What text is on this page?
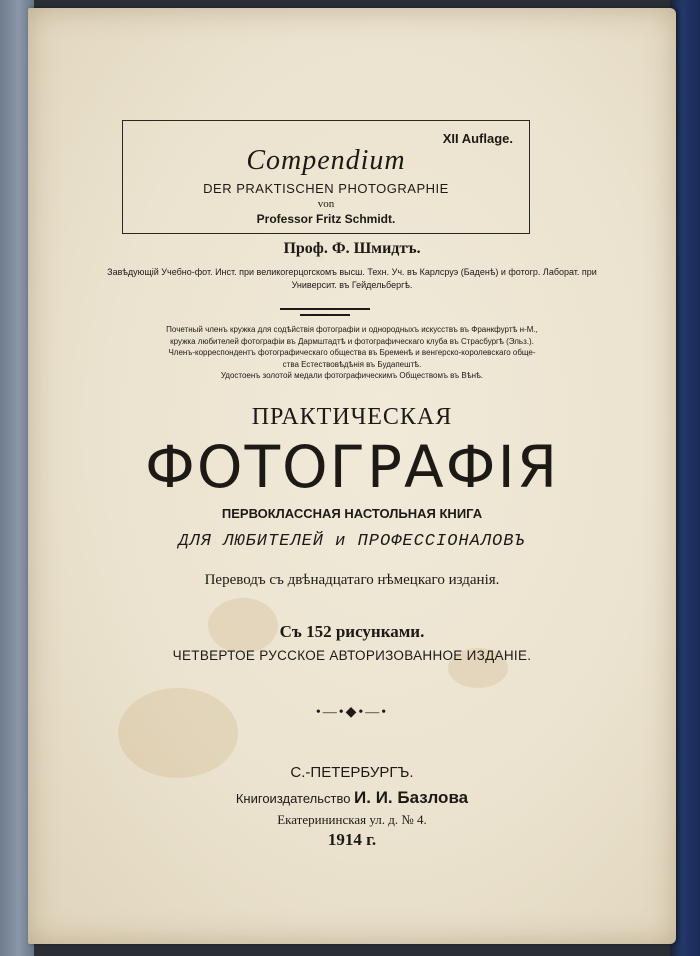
XII Auflage.
Compendium
DER PRAKTISCHEN PHOTOGRAPHIE
von
Professor Fritz Schmidt.
Проф. Ф. Шмидтъ.
Завѣдующій Учебно-фот. Инст. при великогерцогскомъ высш. Техн. Уч. въ Карлсруэ (Баденѣ) и фотогр. Лаборат. при Университ. въ Гейдельбергѣ.
Почетный членъ кружка для содѣйствія фотографіи и однородныхъ искусствъ въ Франкфуртѣ н-М.,
кружка любителей фотографіи въ Дармштадтѣ и фотографическаго клуба въ Страсбургѣ (Эльз.).
Членъ-корреспондентъ фотографическаго общества въ Бременѣ и венгерско-королевскаго обще-
ства Естествовѣдѣнія въ Будапештѣ.
Удостоенъ золотой медали фотографическимъ Обществомъ въ Вѣнѣ.
ПРАКТИЧЕСКАЯ
ФОТОГРАФІЯ
ПЕРВОКЛАССНАЯ НАСТОЛЬНАЯ КНИГА
ДЛЯ ЛЮБИТЕЛЕЙ и ПРОФЕССІОНАЛОВЪ
Переводъ съ двѣнадцатаго нѣмецкаго изданія.
Съ 152 рисунками.
ЧЕТВЕРТОЕ РУССКОЕ АВТОРИЗОВАННОЕ ИЗДАНІЕ.
•—•◆•—•
С.-ПЕТЕРБУРГЪ.
Книгоиздательство И. И. Базлова
Екатерининская ул. д. № 4.
1914 г.
